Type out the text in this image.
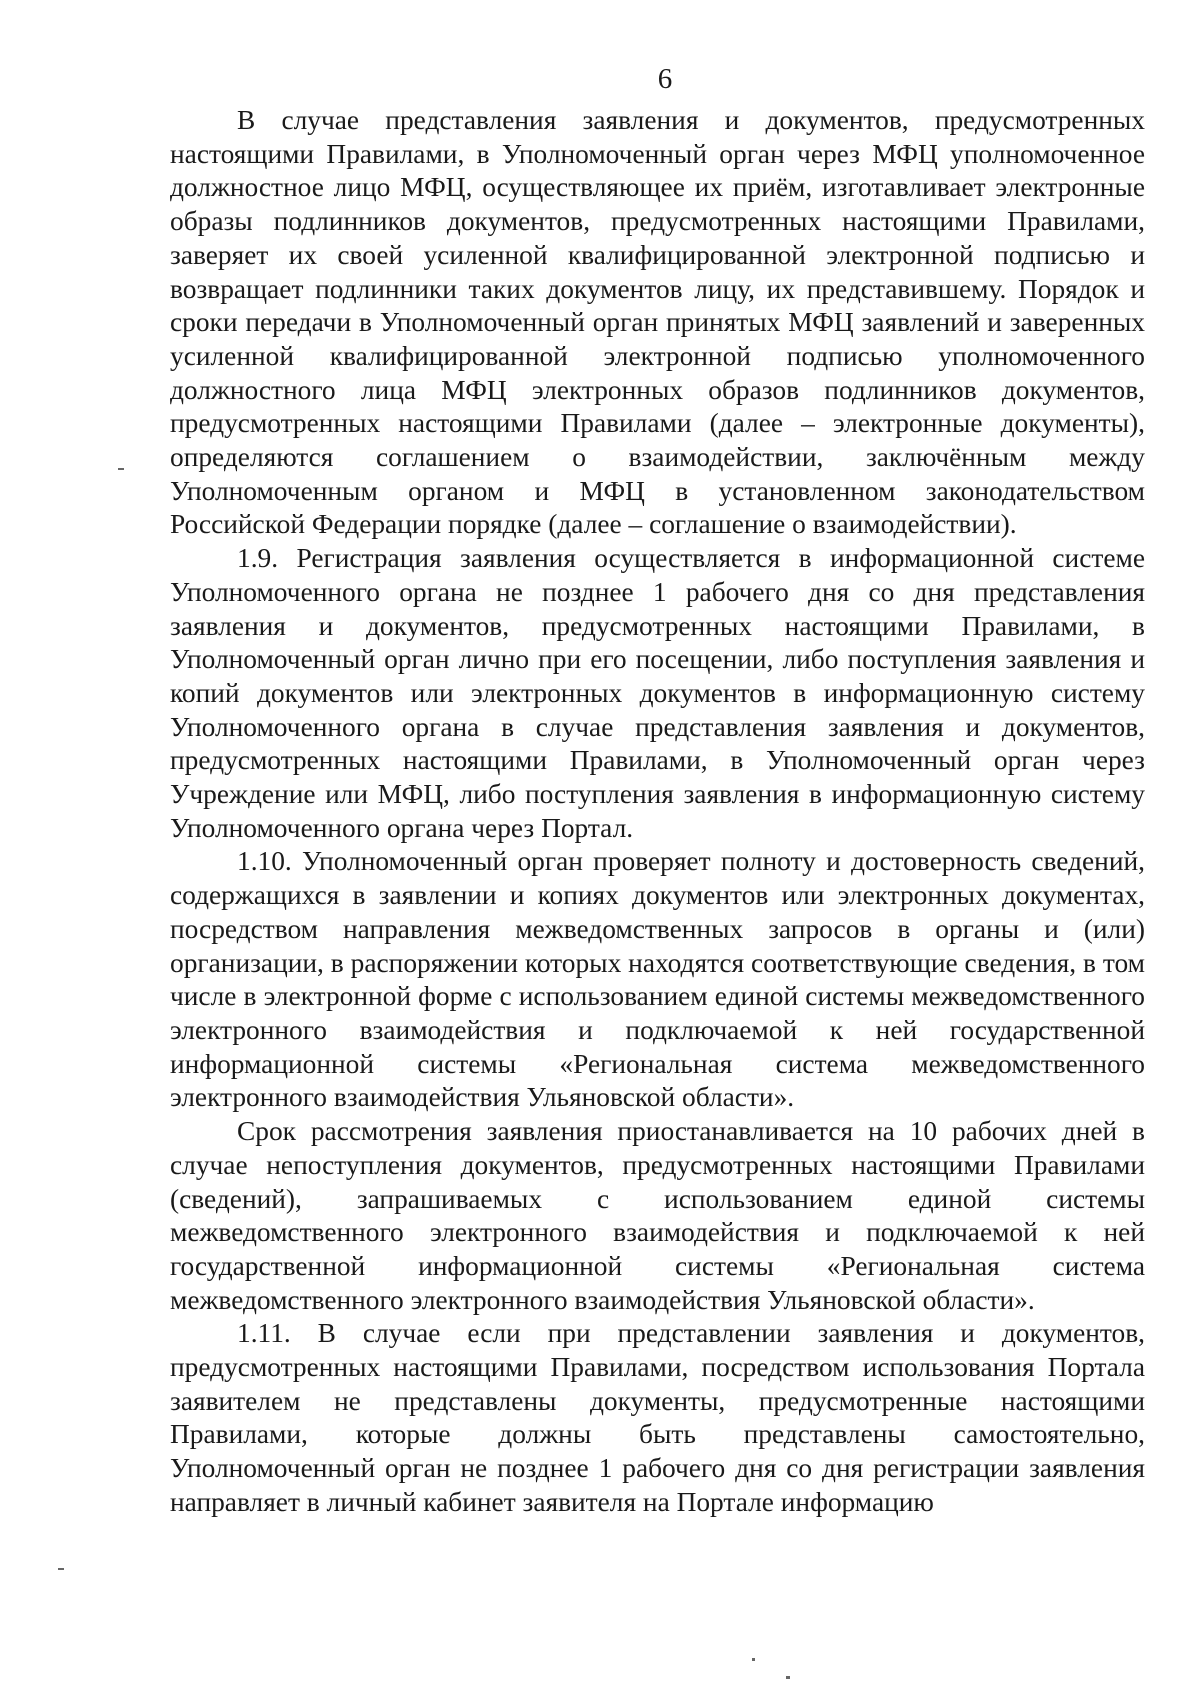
6

В случае представления заявления и документов, предусмотренных настоящими Правилами, в Уполномоченный орган через МФЦ уполномоченное должностное лицо МФЦ, осуществляющее их приём, изготавливает электронные образы подлинников документов, предусмотренных настоящими Правилами, заверяет их своей усиленной квалифицированной электронной подписью и возвращает подлинники таких документов лицу, их представившему. Порядок и сроки передачи в Уполномоченный орган принятых МФЦ заявлений и заверенных усиленной квалифицированной электронной подписью уполномоченного должностного лица МФЦ электронных образов подлинников документов, предусмотренных настоящими Правилами (далее – электронные документы), определяются соглашением о взаимодействии, заключённым между Уполномоченным органом и МФЦ в установленном законодательством Российской Федерации порядке (далее – соглашение о взаимодействии).

1.9. Регистрация заявления осуществляется в информационной системе Уполномоченного органа не позднее 1 рабочего дня со дня представления заявления и документов, предусмотренных настоящими Правилами, в Уполномоченный орган лично при его посещении, либо поступления заявления и копий документов или электронных документов в информационную систему Уполномоченного органа в случае представления заявления и документов, предусмотренных настоящими Правилами, в Уполномоченный орган через Учреждение или МФЦ, либо поступления заявления в информационную систему Уполномоченного органа через Портал.

1.10. Уполномоченный орган проверяет полноту и достоверность сведений, содержащихся в заявлении и копиях документов или электронных документах, посредством направления межведомственных запросов в органы и (или) организации, в распоряжении которых находятся соответствующие сведения, в том числе в электронной форме с использованием единой системы межведомственного электронного взаимодействия и подключаемой к ней государственной информационной системы «Региональная система межведомственного электронного взаимодействия Ульяновской области».

Срок рассмотрения заявления приостанавливается на 10 рабочих дней в случае непоступления документов, предусмотренных настоящими Правилами (сведений), запрашиваемых с использованием единой системы межведомственного электронного взаимодействия и подключаемой к ней государственной информационной системы «Региональная система межведомственного электронного взаимодействия Ульяновской области».

1.11. В случае если при представлении заявления и документов, предусмотренных настоящими Правилами, посредством использования Портала заявителем не представлены документы, предусмотренные настоящими Правилами, которые должны быть представлены самостоятельно, Уполномоченный орган не позднее 1 рабочего дня со дня регистрации заявления направляет в личный кабинет заявителя на Портале информацию
